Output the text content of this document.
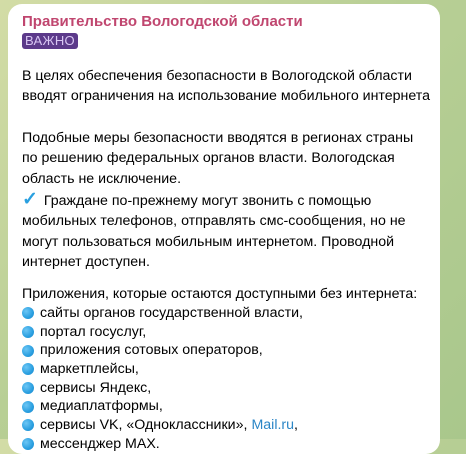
Правительство Вологодской области
ВАЖНО

В целях обеспечения безопасности в Вологодской области вводят ограничения на использование мобильного интернета

Подобные меры безопасности вводятся в регионах страны по решению федеральных органов власти. Вологодская область не исключение.

✓ Граждане по-прежнему могут звонить с помощью мобильных телефонов, отправлять смс-сообщения, но не могут пользоваться мобильным интернетом. Проводной интернет доступен.

Приложения, которые остаются доступными без интернета:

сайты органов государственной власти,
портал госуслуг,
приложения сотовых операторов,
маркетплейсы,
сервисы Яндекс,
медиаплатформы,
сервисы VK, «Одноклассники», Mail.ru ,
мессенджер MAX.
